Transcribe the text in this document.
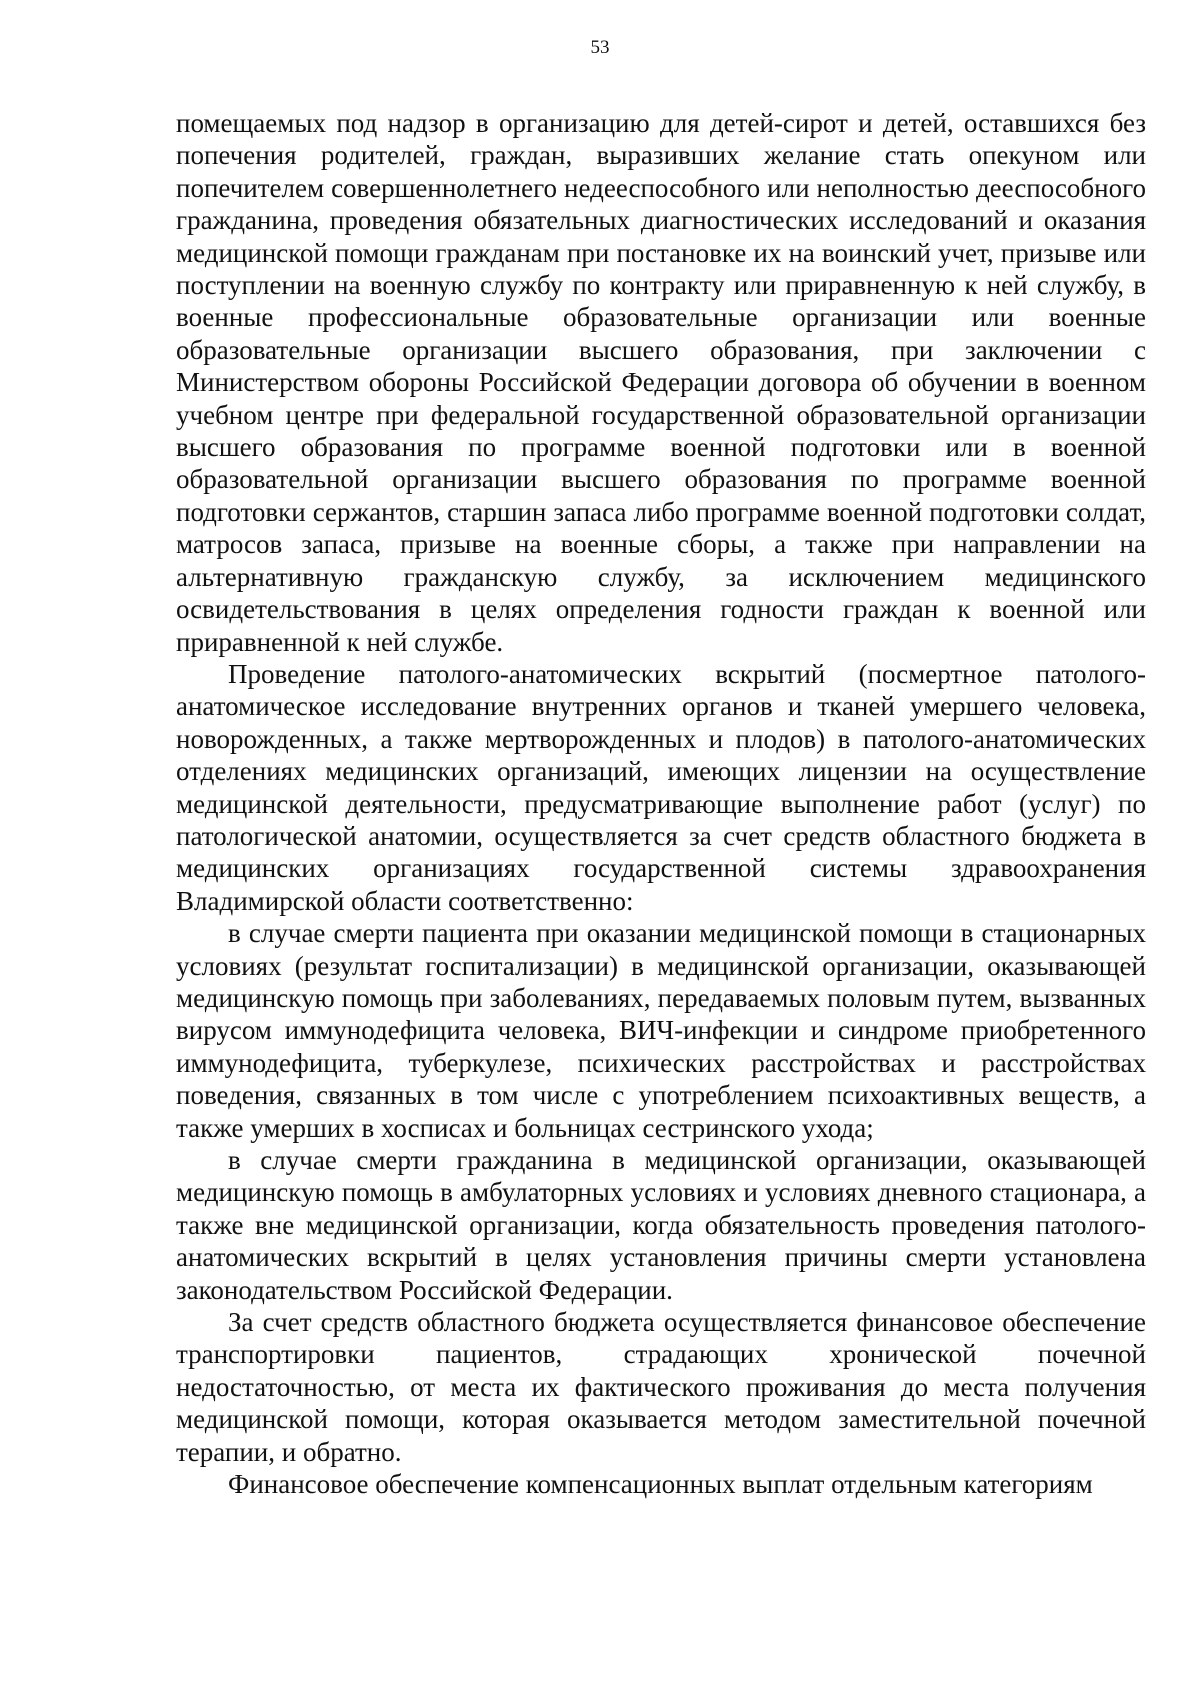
53

помещаемых под надзор в организацию для детей-сирот и детей, оставшихся без попечения родителей, граждан, выразивших желание стать опекуном или попечителем совершеннолетнего недееспособного или неполностью дееспособного гражданина, проведения обязательных диагностических исследований и оказания медицинской помощи гражданам при постановке их на воинский учет, призыве или поступлении на военную службу по контракту или приравненную к ней службу, в военные профессиональные образовательные организации или военные образовательные организации высшего образования, при заключении с Министерством обороны Российской Федерации договора об обучении в военном учебном центре при федеральной государственной образовательной организации высшего образования по программе военной подготовки или в военной образовательной организации высшего образования по программе военной подготовки сержантов, старшин запаса либо программе военной подготовки солдат, матросов запаса, призыве на военные сборы, а также при направлении на альтернативную гражданскую службу, за исключением медицинского освидетельствования в целях определения годности граждан к военной или приравненной к ней службе.

Проведение патолого-анатомических вскрытий (посмертное патолого-анатомическое исследование внутренних органов и тканей умершего человека, новорожденных, а также мертворожденных и плодов) в патолого-анатомических отделениях медицинских организаций, имеющих лицензии на осуществление медицинской деятельности, предусматривающие выполнение работ (услуг) по патологической анатомии, осуществляется за счет средств областного бюджета в медицинских организациях государственной системы здравоохранения Владимирской области соответственно:

в случае смерти пациента при оказании медицинской помощи в стационарных условиях (результат госпитализации) в медицинской организации, оказывающей медицинскую помощь при заболеваниях, передаваемых половым путем, вызванных вирусом иммунодефицита человека, ВИЧ-инфекции и синдроме приобретенного иммунодефицита, туберкулезе, психических расстройствах и расстройствах поведения, связанных в том числе с употреблением психоактивных веществ, а также умерших в хосписах и больницах сестринского ухода;

в случае смерти гражданина в медицинской организации, оказывающей медицинскую помощь в амбулаторных условиях и условиях дневного стационара, а также вне медицинской организации, когда обязательность проведения патолого-анатомических вскрытий в целях установления причины смерти установлена законодательством Российской Федерации.

За счет средств областного бюджета осуществляется финансовое обеспечение транспортировки пациентов, страдающих хронической почечной недостаточностью, от места их фактического проживания до места получения медицинской помощи, которая оказывается методом заместительной почечной терапии, и обратно.

Финансовое обеспечение компенсационных выплат отдельным категориям
